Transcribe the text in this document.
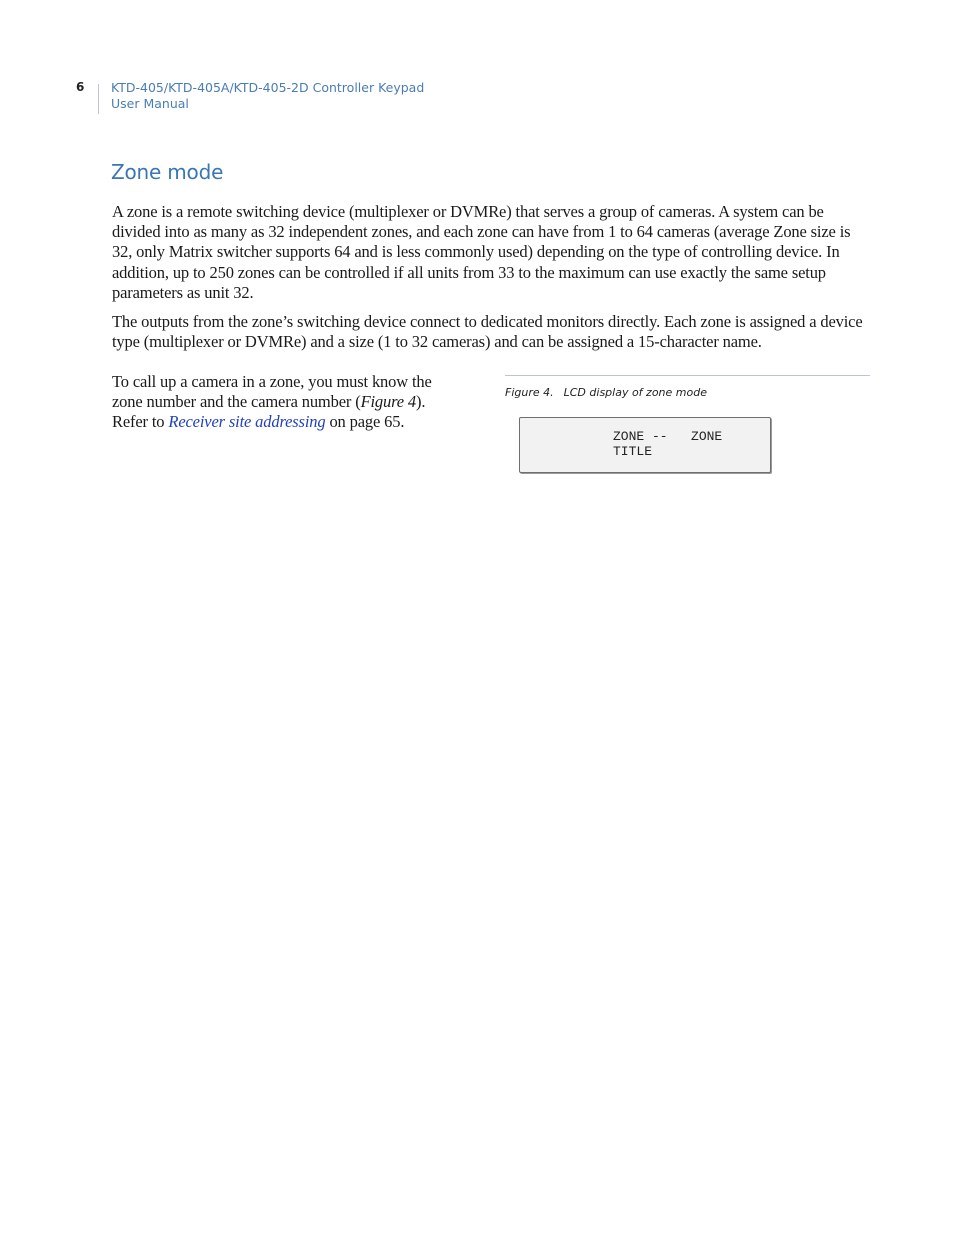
6 KTD-405/KTD-405A/KTD-405-2D Controller Keypad
User Manual
Zone mode

A zone is a remote switching device (multiplexer or DVMRe) that serves a group of cameras. A system can be divided into as many as 32 independent zones, and each zone can have from 1 to 64 cameras (average Zone size is 32, only Matrix switcher supports 64 and is less commonly used) depending on the type of controlling device. In addition, up to 250 zones can be controlled if all units from 33 to the maximum can use exactly the same setup parameters as unit 32.

The outputs from the zone’s switching device connect to dedicated monitors directly. Each zone is assigned a device type (multiplexer or DVMRe) and a size (1 to 32 cameras) and can be assigned a 15-character name.

To call up a camera in a zone, you must know the zone number and the camera number (Figure 4). Refer to Receiver site addressing on page 65.

Figure 4. LCD display of zone mode
ZONE --   ZONE
TITLE
